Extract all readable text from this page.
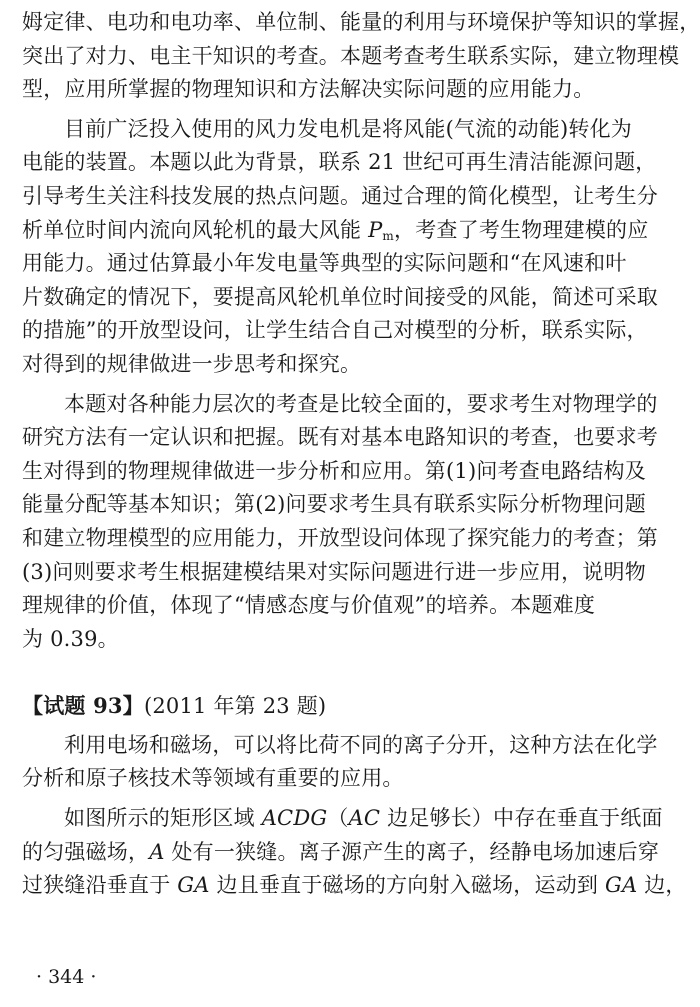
姆定律、电功和电功率、单位制、能量的利用与环境保护等知识的掌握，
突出了对力、电主干知识的考查。本题考查考生联系实际，建立物理模
型，应用所掌握的物理知识和方法解决实际问题的应用能力。
目前广泛投入使用的风力发电机是将风能(气流的动能)转化为
电能的装置。本题以此为背景，联系 21 世纪可再生清洁能源问题，
引导考生关注科技发展的热点问题。通过合理的简化模型，让考生分
析单位时间内流向风轮机的最大风能 $P_m$，考查了考生物理建模的应
用能力。通过估算最小年发电量等典型的实际问题和“在风速和叶
片数确定的情况下，要提高风轮机单位时间接受的风能，简述可采取
的措施”的开放型设问，让学生结合自己对模型的分析，联系实际，
对得到的规律做进一步思考和探究。
本题对各种能力层次的考查是比较全面的，要求考生对物理学的
研究方法有一定认识和把握。既有对基本电路知识的考查，也要求考
生对得到的物理规律做进一步分析和应用。第(1)问考查电路结构及
能量分配等基本知识；第(2)问要求考生具有联系实际分析物理问题
和建立物理模型的应用能力，开放型设问体现了探究能力的考查；第
(3)问则要求考生根据建模结果对实际问题进行进一步应用，说明物
理规律的价值，体现了“情感态度与价值观”的培养。本题难度
为 0.39。
【试题 93】(2011 年第 23 题)
利用电场和磁场，可以将比荷不同的离子分开，这种方法在化学
分析和原子核技术等领域有重要的应用。
如图所示的矩形区域 ACDG（AC 边足够长）中存在垂直于纸面
的匀强磁场，A 处有一狭缝。离子源产生的离子，经静电场加速后穿
过狭缝沿垂直于 GA 边且垂直于磁场的方向射入磁场，运动到 GA 边，
· 344 ·
